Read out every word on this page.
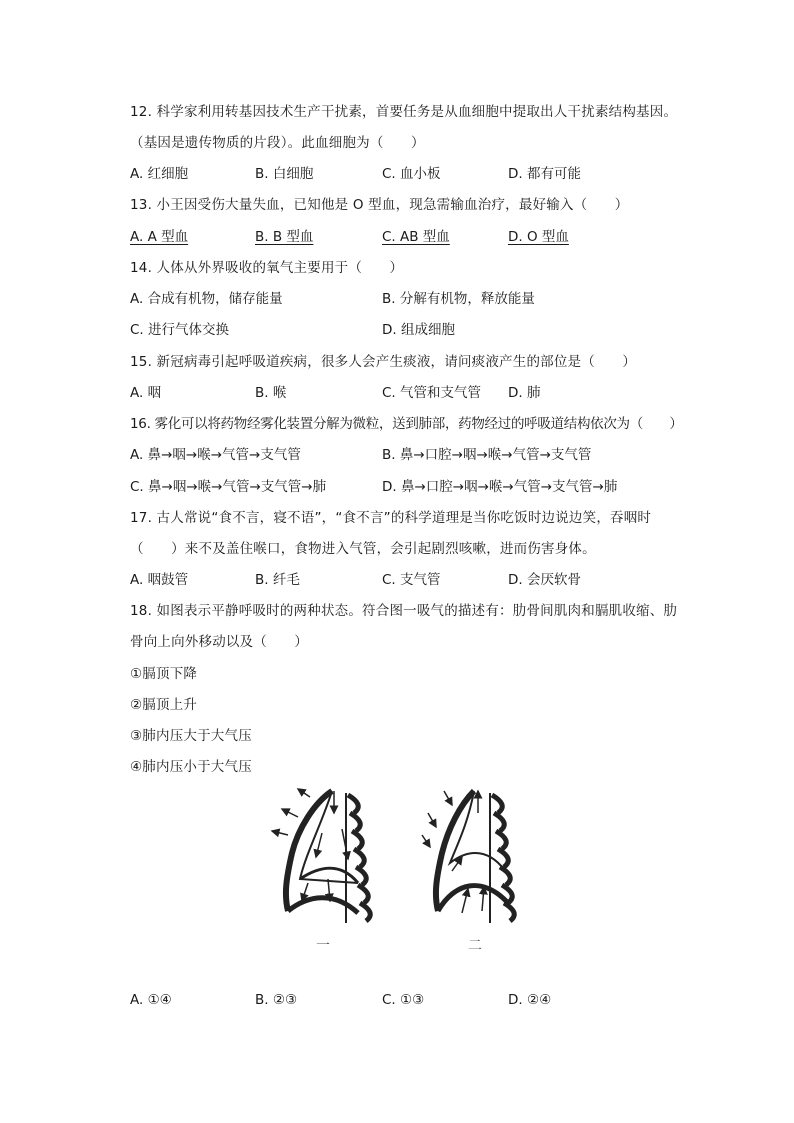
12. 科学家利用转基因技术生产干扰素，首要任务是从血细胞中提取出人干扰素结构基因。
（基因是遗传物质的片段）。此血细胞为（　　）
A. 红细胞	B. 白细胞	C. 血小板	D. 都有可能
13. 小王因受伤大量失血，已知他是 O 型血，现急需输血治疗，最好输入（　　）
A. A 型血	B. B 型血	C. AB 型血	D. O 型血
14. 人体从外界吸收的氧气主要用于（　　）
A. 合成有机物，储存能量	B. 分解有机物，释放能量
C. 进行气体交换	D. 组成细胞
15. 新冠病毒引起呼吸道疾病，很多人会产生痰液，请问痰液产生的部位是（　　）
A. 咽	B. 喉	C. 气管和支气管 D. 肺
16. 雾化可以将药物经雾化装置分解为微粒，送到肺部，药物经过的呼吸道结构依次为（　　）
A. 鼻→咽→喉→气管→支气管	B. 鼻→口腔→咽→喉→气管→支气管
C. 鼻→咽→喉→气管→支气管→肺	D. 鼻→口腔→咽→喉→气管→支气管→肺
17. 古人常说“食不言，寝不语”，“食不言”的科学道理是当你吃饭时边说边笑，吞咽时
（　　）来不及盖住喉口，食物进入气管，会引起剧烈咳嗽，进而伤害身体。
A. 咽鼓管	B. 纤毛	C. 支气管	D. 会厌软骨
18. 如图表示平静呼吸时的两种状态。符合图一吸气的描述有：肋骨间肌肉和膈肌收缩、肋
骨向上向外移动以及（　　）
①膈顶下降
②膈顶上升
③肺内压大于大气压
④肺内压小于大气压
一	二
A. ①④	B. ②③	C. ①③	D. ②④
